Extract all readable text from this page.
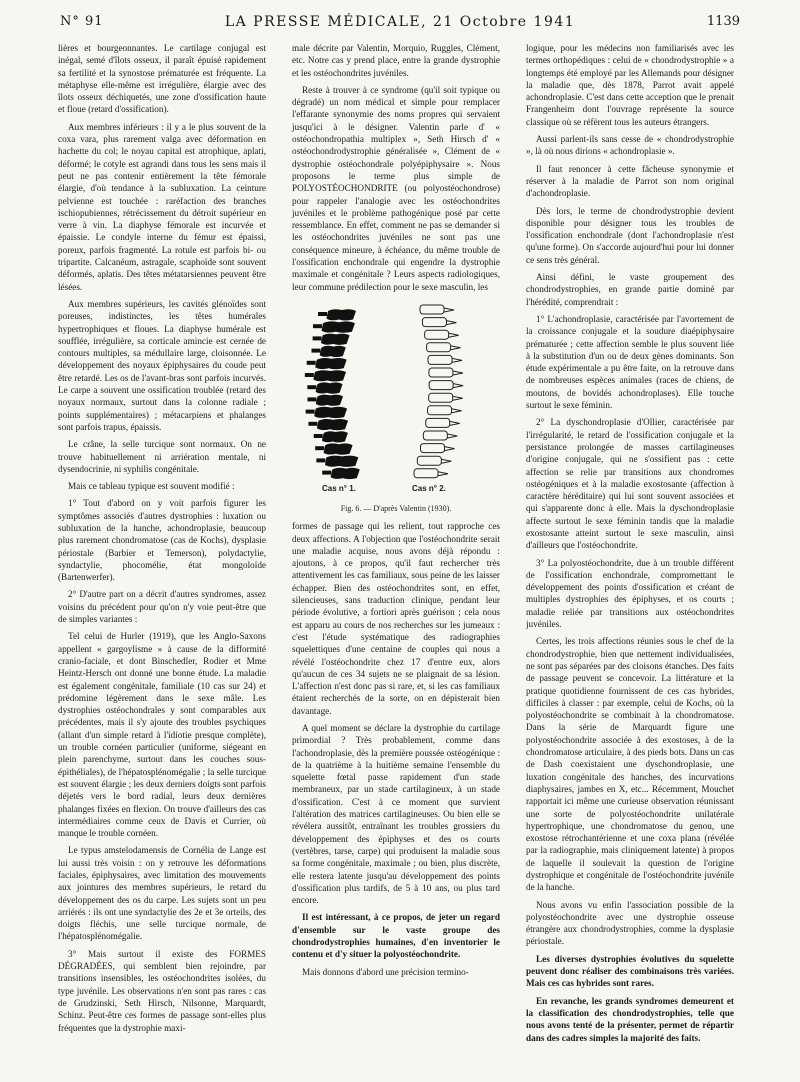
N° 91	LA PRESSE MÉDICALE, 21 Octobre 1941	1139

lières et bourgeonnantes. Le cartilage conjugal est inégal, semé d'îlots osseux, il paraît épuisé rapidement sa fertilité et la synostose prématurée est fréquente. La métaphyse elle-même est irrégulière, élargie avec des îlots osseux déchiquetés, une zone d'ossification haute et floue (retard d'ossification).

Aux membres inférieurs : il y a le plus souvent de la coxa vara, plus rarement valga avec déformation en hachette du col; le noyau capital est atrophique, aplati, déformé; le cotyle est agrandi dans tous les sens mais il peut ne pas contenir entièrement la tête fémorale élargie, d'où tendance à la subluxation. La ceinture pelvienne est touchée : raréfaction des branches ischiopubiennes, rétrécissement du détroit supérieur en verre à vin. La diaphyse fémorale est incurvée et épaissie. Le condyle interne du fémur est épaissi, poreux, parfois fragmenté. La rotule est parfois bi- ou tripartite. Calcanéum, astragale, scaphoïde sont souvent déformés, aplatis. Des têtes métatarsiennes peuvent être lésées.

Aux membres supérieurs, les cavités glénoïdes sont poreuses, indistinctes, les têtes humérales hypertrophiques et floues. La diaphyse humérale est soufflée, irrégulière, sa corticale amincie est cernée de contours multiples, sa médullaire large, cloisonnée. Le développement des noyaux épiphysaires du coude peut être retardé. Les os de l'avant-bras sont parfois incurvés. Le carpe a souvent une ossification troublée (retard des noyaux normaux, surtout dans la colonne radiale ; points supplémentaires) ; métacarpiens et phalanges sont parfois trapus, épaissis.

Le crâne, la selle turcique sont normaux. On ne trouve habituellement ni arriération mentale, ni dysendocrinie, ni syphilis congénitale.

Mais ce tableau typique est souvent modifié :

1° Tout d'abord on y voit parfois figurer les symptômes associés d'autres dystrophies : luxation ou subluxation de la hanche, achondroplasie, beaucoup plus rarement chondromatose (cas de Kochs), dysplasie périostale (Barbier et Temerson), polydactylie, syndactylie, phocomélie, état mongoloïde (Bartenwerfer).

2° D'autre part on a décrit d'autres syndromes, assez voisins du précédent pour qu'on n'y voie peut-être que de simples variantes :

Tel celui de Hurler (1919), que les Anglo-Saxons appellent « gargoylisme » à cause de la difformité cranio-faciale, et dont Binschedler, Rodier et Mme Heintz-Hersch ont donné une bonne étude. La maladie est également congénitale, familiale (10 cas sur 24) et prédomine légèrement dans le sexe mâle. Les dystrophies ostéochondrales y sont comparables aux précédentes, mais il s'y ajoute des troubles psychiques (allant d'un simple retard à l'idiotie presque complète), un trouble cornéen particulier (uniforme, siégeant en plein parenchyme, surtout dans les couches sous-épithéliales), de l'hépatosplénomégalie ; la selle turcique est souvent élargie ; les deux derniers doigts sont parfois déjetés vers le bord radial, leurs deux dernières phalanges fixées en flexion. On trouve d'ailleurs des cas intermédiaires comme ceux de Davis et Currier, où manque le trouble cornéen.

Le typus amstelodamensis de Cornélia de Lange est lui aussi très voisin : on y retrouve les déformations faciales, épiphysaires, avec limitation des mouvements aux jointures des membres supérieurs, le retard du développement des os du carpe. Les sujets sont un peu arriérés : ils ont une syndactylie des 2e et 3e orteils, des doigts fléchis, une selle turcique normale, de l'hépatosplénomégalie.

3° Mais surtout il existe des FORMES DÉGRADÉES, qui semblent bien rejoindre, par transitions insensibles, les ostéochondrites isolées, du type juvénile. Les observations n'en sont pas rares : cas de Grudzinski, Seth Hirsch, Nilsonne, Marquardt, Schinz. Peut-être ces formes de passage sont-elles plus fréquentes que la dystrophie maxi-

male décrite par Valentin, Morquio, Ruggles, Clément, etc. Notre cas y prend place, entre la grande dystrophie et les ostéochondrites juvéniles.

Reste à trouver à ce syndrome (qu'il soit typique ou dégradé) un nom médical et simple pour remplacer l'effarante synonymie des noms propres qui servaient jusqu'ici à le désigner. Valentin parle d' « ostéochondropathia multiplex », Seth Hirsch d' « ostéochondrodystrophie généralisée », Clément de « dystrophie ostéochondrale polyépiphysaire ». Nous proposons le terme plus simple de POLYOSTÉOCHONDRITE (ou polyostéochondrose) pour rappeler l'analogie avec les ostéochondrites juvéniles et le problème pathogénique posé par cette ressemblance. En effet, comment ne pas se demander si les ostéochondrites juvéniles ne sont pas une conséquence mineure, à échéance, du même trouble de l'ossification enchondrale qui engendre la dystrophie maximale et congénitale ? Leurs aspects radiologiques, leur commune prédilection pour le sexe masculin, les

Cas n° 1.	Cas n° 2.

Fig. 6. — D'après Valentin (1930).

formes de passage qui les relient, tout rapproche ces deux affections. A l'objection que l'ostéochondrite serait une maladie acquise, nous avons déjà répondu : ajoutons, à ce propos, qu'il faut rechercher très attentivement les cas familiaux, sous peine de les laisser échapper. Bien des ostéochondrites sont, en effet, silencieuses, sans traduction clinique, pendant leur période évolutive, a fortiori après guérison ; cela nous est apparu au cours de nos recherches sur les jumeaux : c'est l'étude systématique des radiographies squelettiques d'une centaine de couples qui nous a révélé l'ostéochondrite chez 17 d'entre eux, alors qu'aucun de ces 34 sujets ne se plaignait de sa lésion. L'affection n'est donc pas si rare, et, si les cas familiaux étaient recherchés de la sorte, on en dépisterait bien davantage.

A quel moment se déclare la dystrophie du cartilage primordial ? Très probablement, comme dans l'achondroplasie, dès la première poussée ostéogénique : de la quatrième à la huitième semaine l'ensemble du squelette fœtal passe rapidement d'un stade membraneux, par un stade cartilagineux, à un stade d'ossification. C'est à ce moment que survient l'altération des matrices cartilagineuses. Ou bien elle se révélera aussitôt, entraînant les troubles grossiers du développement des épiphyses et des os courts (vertèbres, tarse, carpe) qui produisent la maladie sous sa forme congénitale, maximale ; ou bien, plus discrète, elle restera latente jusqu'au développement des points d'ossification plus tardifs, de 5 à 10 ans, ou plus tard encore.

Il est intéressant, à ce propos, de jeter un regard d'ensemble sur le vaste groupe des chondrodystrophies humaines, d'en inventorier le contenu et d'y situer la polyostéochondrite.

Mais donnons d'abord une précision termino-

logique, pour les médecins non familiarisés avec les termes orthopédiques : celui de « chondrodystrophie » a longtemps été employé par les Allemands pour désigner la maladie que, dès 1878, Parrot avait appelé achondroplasie. C'est dans cette acception que le prenait Frangenheim dont l'ouvrage représente la source classique où se réfèrent tous les auteurs étrangers.

Aussi parlent-ils sans cesse de « chondrodystrophie », là où nous dirions « achondroplasie ».

Il faut renoncer à cette fâcheuse synonymie et réserver à la maladie de Parrot son nom original d'achondroplasie.

Dès lors, le terme de chondrodystrophie devient disponible pour désigner tous les troubles de l'ossification enchondrale (dont l'achondroplasie n'est qu'une forme). On s'accorde aujourd'hui pour lui donner ce sens très général.

Ainsi défini, le vaste groupement des chondrodystrophies, en grande partie dominé par l'hérédité, comprendrait :

1° L'achondroplasie, caractérisée par l'avortement de la croissance conjugale et la soudure diaépiphysaire prématurée ; cette affection semble le plus souvent liée à la substitution d'un ou de deux gènes dominants. Son étude expérimentale a pu être faite, on la retrouve dans de nombreuses espèces animales (races de chiens, de moutons, de bovidés achondroplases). Elle touche surtout le sexe féminin.

2° La dyschondroplasie d'Ollier, caractérisée par l'irrégularité, le retard de l'ossification conjugale et la persistance prolongée de masses cartilagineuses d'origine conjugale, qui ne s'ossifient pas : cette affection se relie par transitions aux chondromes ostéogéniques et à la maladie exostosante (affection à caractère héréditaire) qui lui sont souvent associées et qui s'apparente donc à elle. Mais la dyschondroplasie affecte surtout le sexe féminin tandis que la maladie exostosante atteint surtout le sexe masculin, ainsi d'ailleurs que l'ostéochondrite.

3° La polyostéochondrite, due à un trouble différent de l'ossification enchondrale, compromettant le développement des points d'ossification et créant de multiples dystrophies des épiphyses, et os courts ; maladie reliée par transitions aux ostéochondrites juvéniles.

Certes, les trois affections réunies sous le chef de la chondrodystrophie, bien que nettement individualisées, ne sont pas séparées par des cloisons étanches. Des faits de passage peuvent se concevoir. La littérature et la pratique quotidienne fournissent de ces cas hybrides, difficiles à classer : par exemple, celui de Kochs, où la polyostéochondrite se combinait à la chondromatose. Dans la série de Marquardt figure une polyostéochondrite associée à des exostoses, à de la chondromatose articulaire, à des pieds bots. Dans un cas de Dash coexistaient une dyschondroplasie, une luxation congénitale des hanches, des incurvations diaphysaires, jambes en X, etc... Récemment, Mouchet rapportait ici même une curieuse observation réunissant une sorte de polyostéochondrite unilatérale hypertrophique, une chondromatose du genou, une exostose rétrochantérienne et une coxa plana (révélée par la radiographie, mais cliniquement latente) à propos de laquelle il soulevait la question de l'origine dystrophique et congénitale de l'ostéochondrite juvénile de la hanche.

Nous avons vu enfin l'association possible de la polyostéochondrite avec une dystrophie osseuse étrangère aux chondrodystrophies, comme la dysplasie périostale.

Les diverses dystrophies évolutives du squelette peuvent donc réaliser des combinaisons très variées. Mais ces cas hybrides sont rares.

En revanche, les grands syndromes demeurent et la classification des chondrodystrophies, telle que nous avons tenté de la présenter, permet de répartir dans des cadres simples la majorité des faits.
